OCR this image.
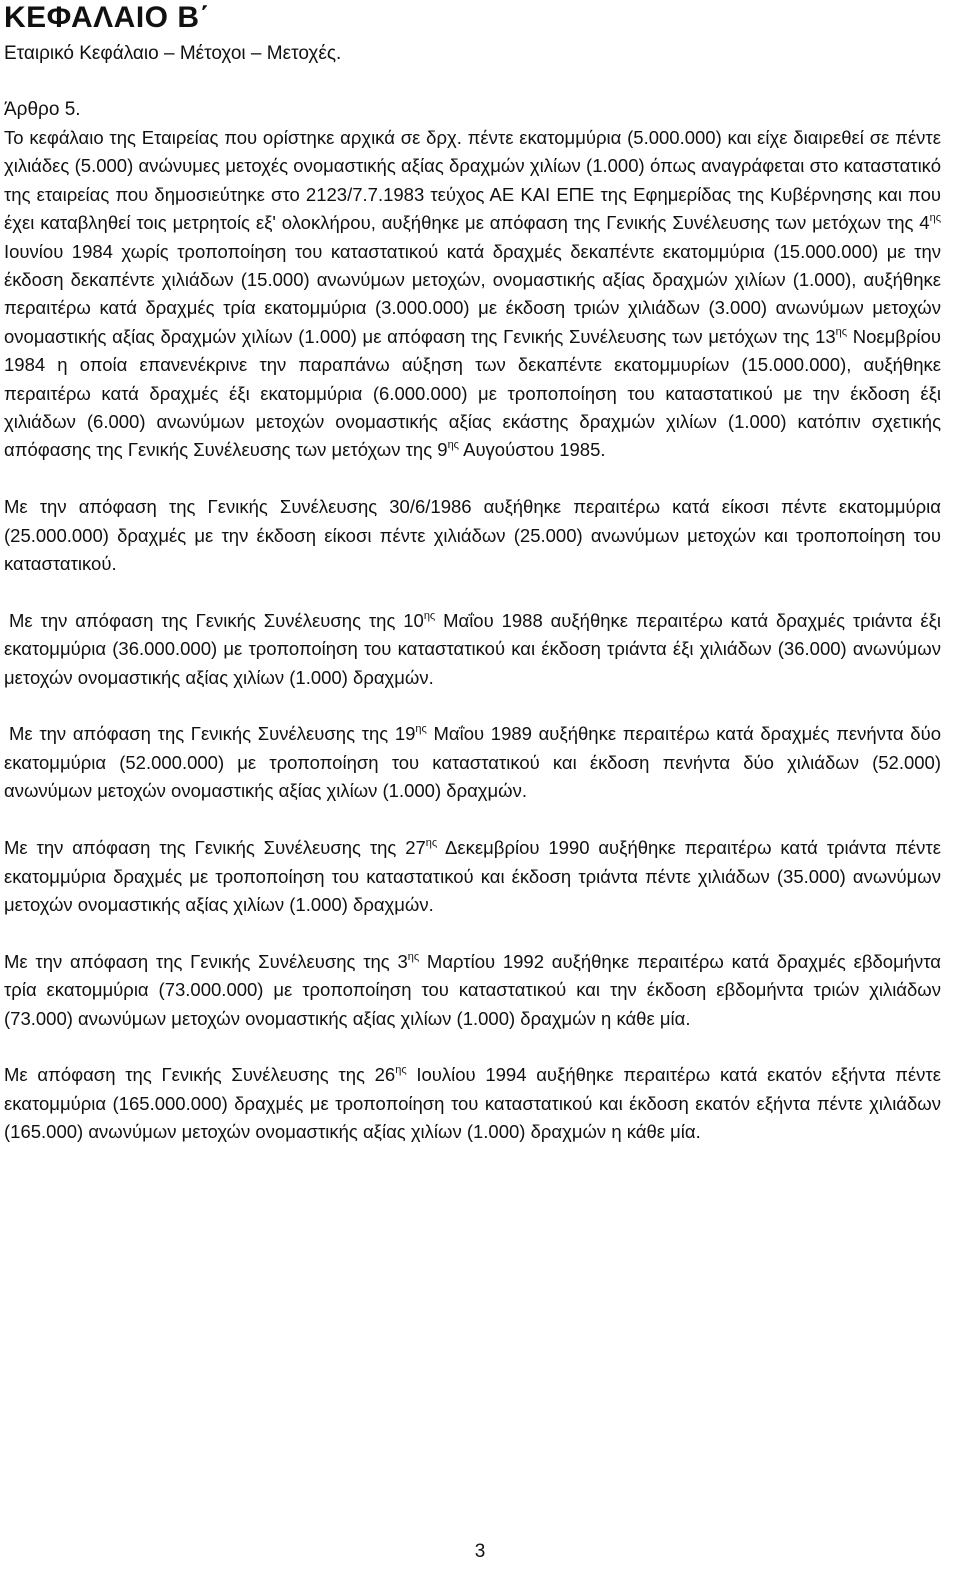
ΚΕΦΑΛΑΙΟ Β΄
Εταιρικό Κεφάλαιο – Μέτοχοι – Μετοχές.
Άρθρο 5.

Το κεφάλαιο της Εταιρείας που ορίστηκε αρχικά σε δρχ. πέντε εκατομμύρια (5.000.000) και είχε διαιρεθεί σε πέντε χιλιάδες (5.000) ανώνυμες μετοχές ονομαστικής αξίας δραχμών χιλίων (1.000) όπως αναγράφεται στο καταστατικό της εταιρείας που δημοσιεύτηκε στο 2123/7.7.1983 τεύχος ΑΕ ΚΑΙ ΕΠΕ της Εφημερίδας της Κυβέρνησης και που έχει καταβληθεί τοις μετρητοίς εξ' ολοκλήρου, αυξήθηκε με απόφαση της Γενικής Συνέλευσης των μετόχων της $4^{\eta\varsigma}$ Ιουνίου 1984 χωρίς τροποποίηση του καταστατικού κατά δραχμές δεκαπέντε εκατομμύρια (15.000.000) με την έκδοση δεκαπέντε χιλιάδων (15.000) ανωνύμων μετοχών, ονομαστικής αξίας δραχμών χιλίων (1.000), αυξήθηκε περαιτέρω κατά δραχμές τρία εκατομμύρια (3.000.000) με έκδοση τριών χιλιάδων (3.000) ανωνύμων μετοχών ονομαστικής αξίας δραχμών χιλίων (1.000) με απόφαση της Γενικής Συνέλευσης των μετόχων της $13^{\eta\varsigma}$ Νοεμβρίου 1984 η οποία επανενέκρινε την παραπάνω αύξηση των δεκαπέντε εκατομμυρίων (15.000.000), αυξήθηκε περαιτέρω κατά δραχμές έξι εκατομμύρια (6.000.000) με τροποποίηση του καταστατικού με την έκδοση έξι χιλιάδων (6.000) ανωνύμων μετοχών ονομαστικής αξίας εκάστης δραχμών χιλίων (1.000) κατόπιν σχετικής απόφασης της Γενικής Συνέλευσης των μετόχων της $9^{\eta\varsigma}$ Αυγούστου 1985.

Με την απόφαση της Γενικής Συνέλευσης 30/6/1986 αυξήθηκε περαιτέρω κατά είκοσι πέντε εκατομμύρια (25.000.000) δραχμές με την έκδοση είκοσι πέντε χιλιάδων (25.000) ανωνύμων μετοχών και τροποποίηση του καταστατικού.

Με την απόφαση της Γενικής Συνέλευσης της $10^{\eta\varsigma}$ Μαΐου 1988 αυξήθηκε περαιτέρω κατά δραχμές τριάντα έξι εκατομμύρια (36.000.000) με τροποποίηση του καταστατικού και έκδοση τριάντα έξι χιλιάδων (36.000) ανωνύμων μετοχών ονομαστικής αξίας χιλίων (1.000) δραχμών.

Με την απόφαση της Γενικής Συνέλευσης της $19^{\eta\varsigma}$ Μαΐου 1989 αυξήθηκε περαιτέρω κατά δραχμές πενήντα δύο εκατομμύρια (52.000.000) με τροποποίηση του καταστατικού και έκδοση πενήντα δύο χιλιάδων (52.000) ανωνύμων μετοχών ονομαστικής αξίας χιλίων (1.000) δραχμών.

Με την απόφαση της Γενικής Συνέλευσης της $27^{\eta\varsigma}$ Δεκεμβρίου 1990 αυξήθηκε περαιτέρω κατά τριάντα πέντε εκατομμύρια δραχμές με τροποποίηση του καταστατικού και έκδοση τριάντα πέντε χιλιάδων (35.000) ανωνύμων μετοχών ονομαστικής αξίας χιλίων (1.000) δραχμών.

Με την απόφαση της Γενικής Συνέλευσης της $3^{\eta\varsigma}$ Μαρτίου 1992 αυξήθηκε περαιτέρω κατά δραχμές εβδομήντα τρία εκατομμύρια (73.000.000) με τροποποίηση του καταστατικού και την έκδοση εβδομήντα τριών χιλιάδων (73.000) ανωνύμων μετοχών ονομαστικής αξίας χιλίων (1.000) δραχμών η κάθε μία.

Με απόφαση της Γενικής Συνέλευσης της $26^{\eta\varsigma}$ Ιουλίου 1994 αυξήθηκε περαιτέρω κατά εκατόν εξήντα πέντε εκατομμύρια (165.000.000) δραχμές με τροποποίηση του καταστατικού και έκδοση εκατόν εξήντα πέντε χιλιάδων (165.000) ανωνύμων μετοχών ονομαστικής αξίας χιλίων (1.000) δραχμών η κάθε μία.

3
